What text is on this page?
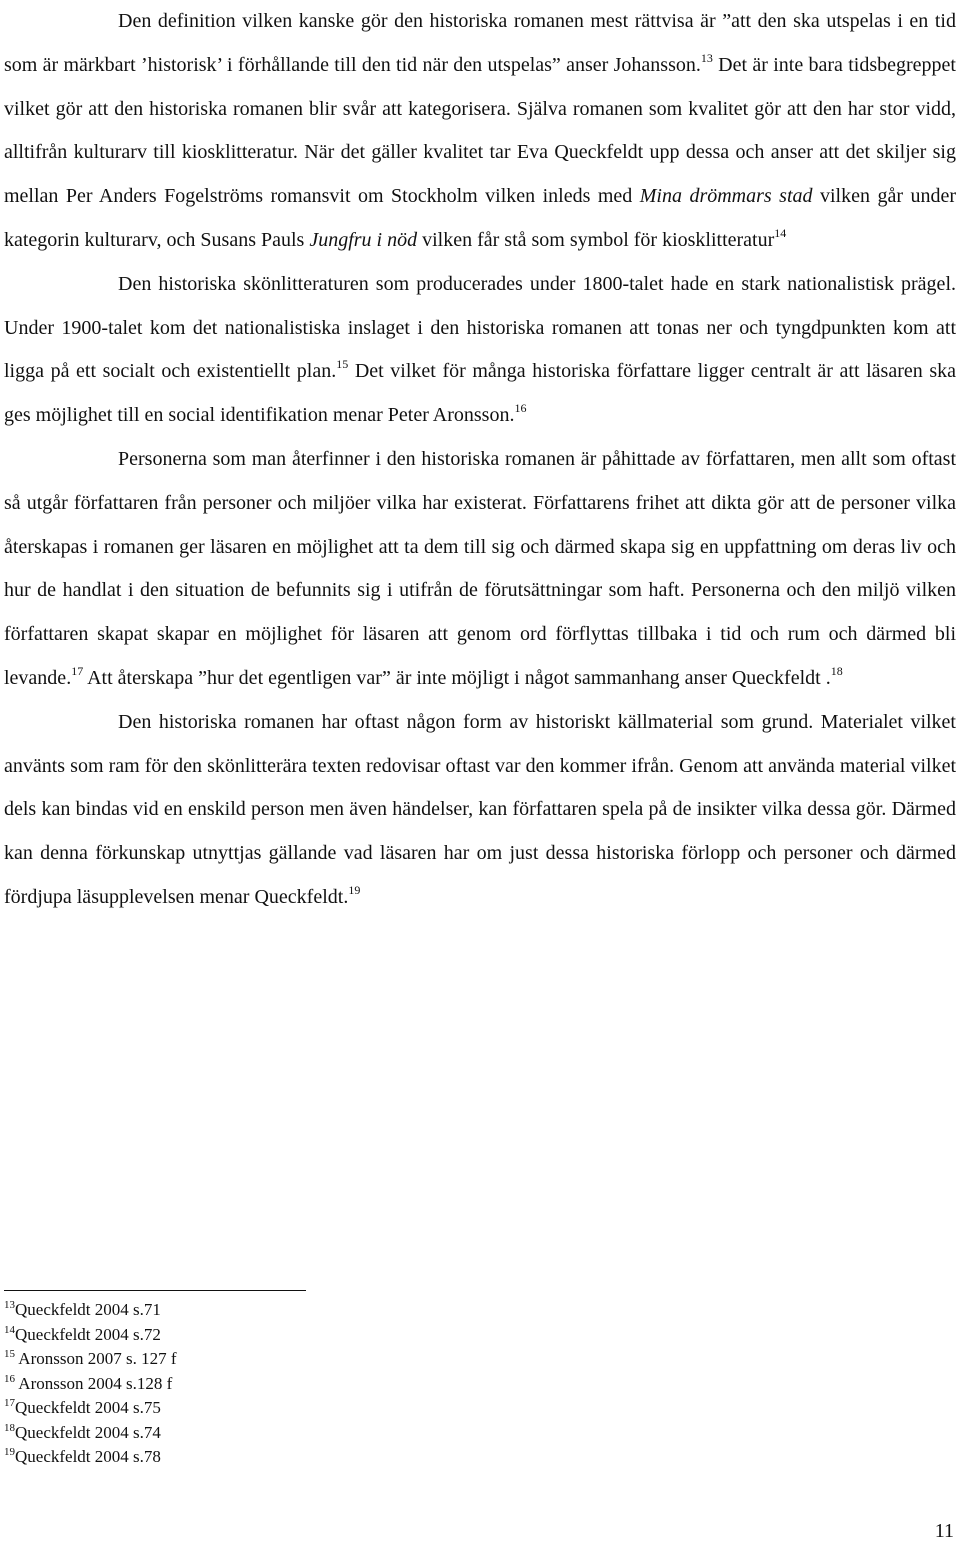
Den definition vilken kanske gör den historiska romanen mest rättvisa är ”att den ska utspelas i en tid som är märkbart ’historisk’ i förhållande till den tid när den utspelas” anser Johansson.$^{13}$ Det är inte bara tidsbegreppet vilket gör att den historiska romanen blir svår att kategorisera. Själva romanen som kvalitet gör att den har stor vidd, alltifrån kulturarv till kiosklitteratur. När det gäller kvalitet tar Eva Queckfeldt upp dessa och anser att det skiljer sig mellan Per Anders Fogelströms romansvit om Stockholm vilken inleds med Mina drömmars stad vilken går under kategorin kulturarv, och Susans Pauls Jungfru i nöd vilken får stå som symbol för kiosklitteratur$^{14}$

Den historiska skönlitteraturen som producerades under 1800-talet hade en stark nationalistisk prägel. Under 1900-talet kom det nationalistiska inslaget i den historiska romanen att tonas ner och tyngdpunkten kom att ligga på ett socialt och existentiellt plan.$^{15}$ Det vilket för många historiska författare ligger centralt är att läsaren ska ges möjlighet till en social identifikation menar Peter Aronsson.$^{16}$

Personerna som man återfinner i den historiska romanen är påhittade av författaren, men allt som oftast så utgår författaren från personer och miljöer vilka har existerat. Författarens frihet att dikta gör att de personer vilka återskapas i romanen ger läsaren en möjlighet att ta dem till sig och därmed skapa sig en uppfattning om deras liv och hur de handlat i den situation de befunnits sig i utifrån de förutsättningar som haft. Personerna och den miljö vilken författaren skapat skapar en möjlighet för läsaren att genom ord förflyttas tillbaka i tid och rum och därmed bli levande.$^{17}$ Att återskapa ”hur det egentligen var” är inte möjligt i något sammanhang anser Queckfeldt .$^{18}$

Den historiska romanen har oftast någon form av historiskt källmaterial som grund. Materialet vilket använts som ram för den skönlitterära texten redovisar oftast var den kommer ifrån. Genom att använda material vilket dels kan bindas vid en enskild person men även händelser, kan författaren spela på de insikter vilka dessa gör. Därmed kan denna förkunskap utnyttjas gällande vad läsaren har om just dessa historiska förlopp och personer och därmed fördjupa läsupplevelsen menar Queckfeldt.$^{19}$

$^{13}$Queckfeldt 2004 s.71

$^{14}$Queckfeldt 2004 s.72

$^{15}$ Aronsson 2007 s. 127 f

$^{16}$ Aronsson 2004 s.128 f

$^{17}$Queckfeldt 2004 s.75

$^{18}$Queckfeldt 2004 s.74

$^{19}$Queckfeldt 2004 s.78

11
